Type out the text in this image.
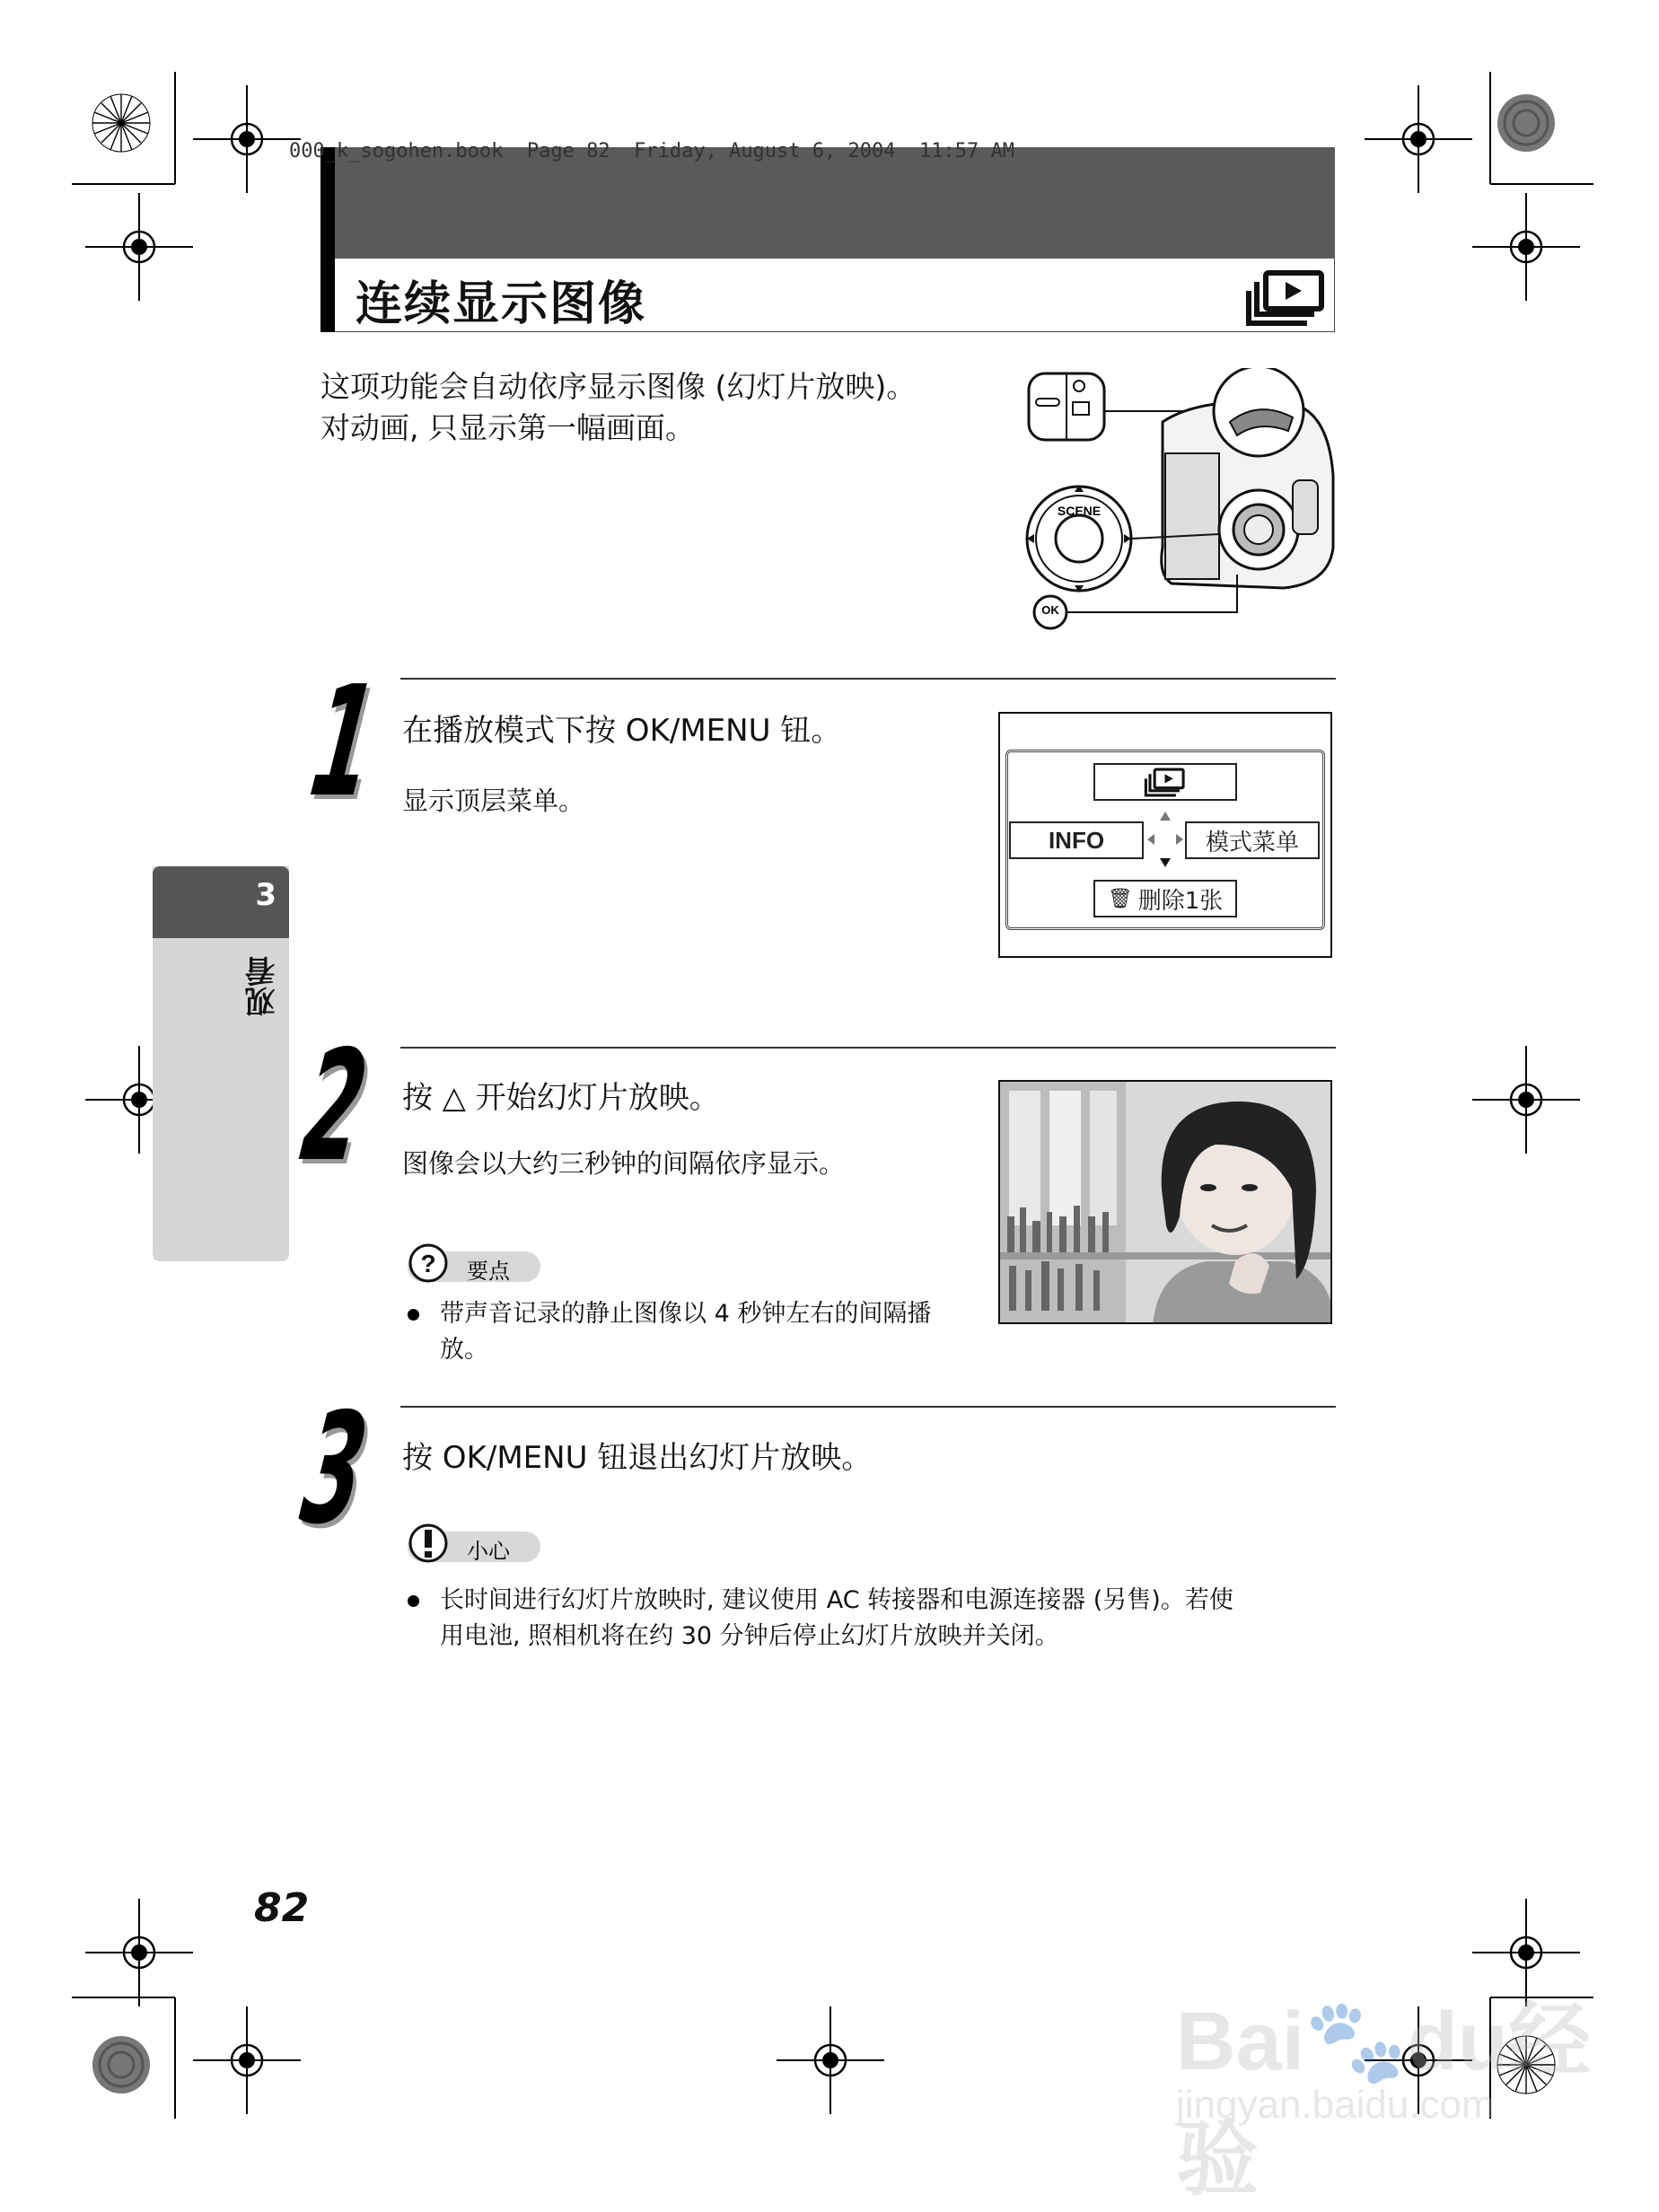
000_k_sogohen.book  Page 82  Friday, August 6, 2004  11:57 AM
连续显示图像
这项功能会自动依序显示图像 (幻灯片放映)。
对动画, 只显示第一幅画面。
SCENE
OK
3
观看
1 在播放模式下按 OK/MENU 钮。
显示顶层菜单。
INFO	模式菜单
🗑 删除1张
2 按 △ 开始幻灯片放映。
图像会以大约三秒钟的间隔依序显示。
? 要点
带声音记录的静止图像以 4 秒钟左右的间隔播
放。
3 按 OK/MENU 钮退出幻灯片放映。
小心
长时间进行幻灯片放映时, 建议使用 AC 转接器和电源连接器 (另售)。若使
用电池, 照相机将在约 30 分钟后停止幻灯片放映并关闭。
82
Bai🐾du经验
jingyan.baidu.com
